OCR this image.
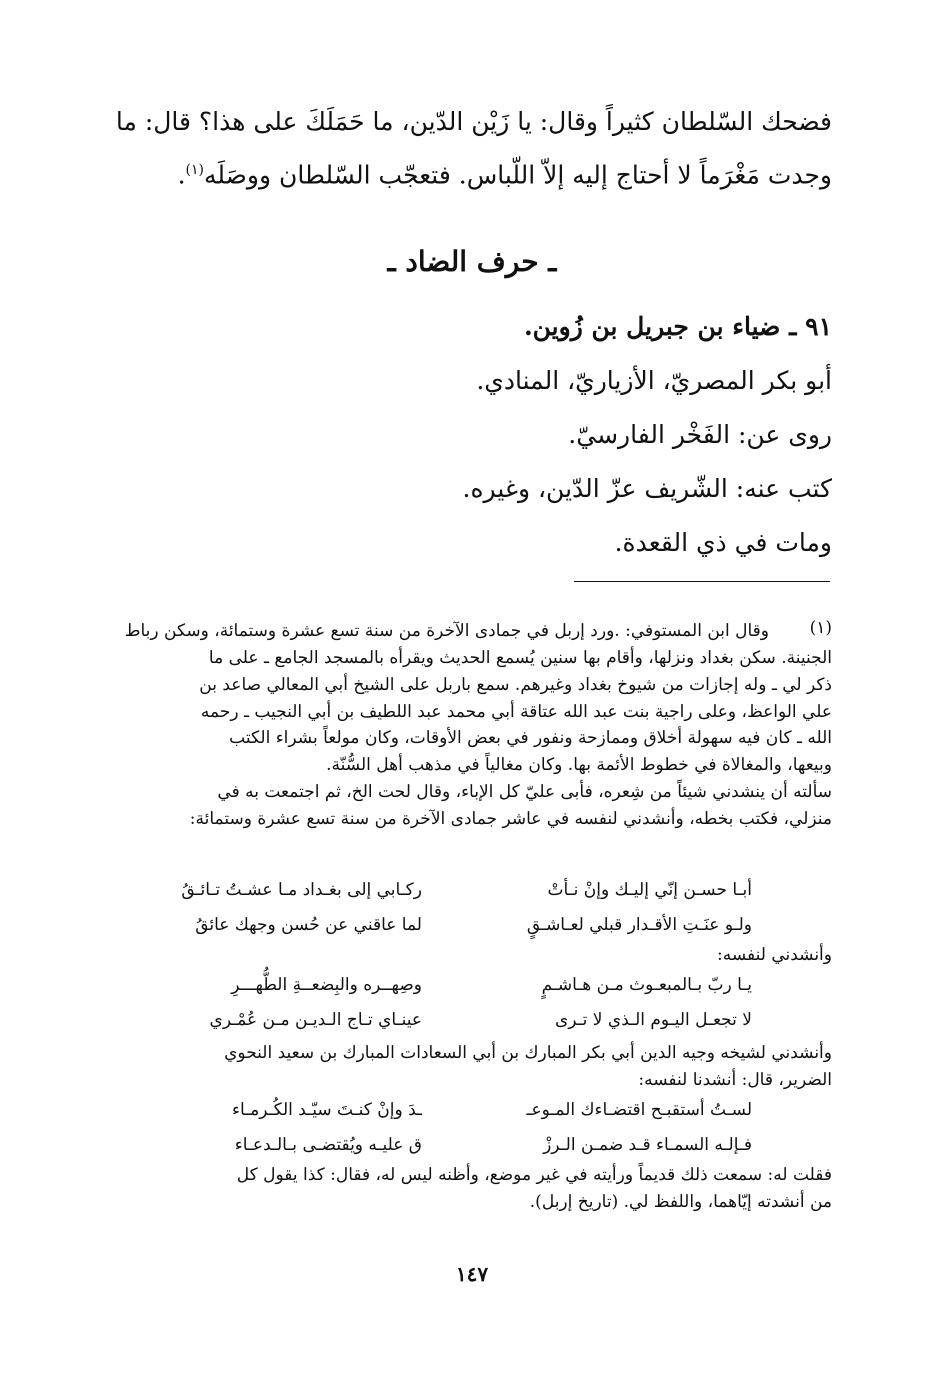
فضحك السّلطان كثيراً وقال: يا زَيْن الدّين، ما حَمَلَكَ على هذا؟ قال: ما
وجدت مَغْرَماً لا أحتاج إليه إلاّ اللّباس. فتعجّب السّلطان ووصَلَه$^{(١)}$.
ـ حرف الضاد ـ
٩١ ـ ضياء بن جبريل بن زُوين.
أبو بكر المصريّ، الأزياريّ، المنادي.
روى عن: الفَخْر الفارسيّ.
كتب عنه: الشّريف عزّ الدّين، وغيره.
ومات في ذي القعدة.
(١)
وقال ابن المستوفي: .ورد إربل في جمادى الآخرة من سنة تسع عشرة وستمائة، وسكن رباط
الجنينة. سكن بغداد ونزلها، وأقام بها سنين يُسمع الحديث ويقرأه بالمسجد الجامع ـ على ما
ذكر لي ـ وله إجازات من شيوخ بغداد وغيرهم. سمع باربل على الشيخ أبي المعالي صاعد بن
علي الواعظ، وعلى راجية بنت عبد الله عتاقة أبي محمد عبد اللطيف بن أبي النجيب ـ رحمه
الله ـ كان فيه سهولة أخلاق وممازحة ونفور في بعض الأوقات، وكان مولعاً بشراء الكتب
وبيعها، والمغالاة في خطوط الأئمة بها. وكان مغالياً في مذهب أهل السُّنّة.
سألته أن ينشدني شيئاً من شِعره، فأبى عليّ كل الإباء، وقال لحت الخ، ثم اجتمعت به في
منزلي، فكتب بخطه، وأنشدني لنفسه في عاشر جمادى الآخرة من سنة تسع عشرة وستمائة:
أبـا حسـن إنّي إليـك وإنْ نـأتْ
ركـابي إلى بغـداد مـا عشـتُ تـائـقُ
ولـو عنَـتِ الأقـدار قبلي لعـاشـقٍ
لما عاقني عن حُسن وجهك عائقُ
وأنشدني لنفسه:
يـا ربّ بـالمبعـوث مـن هـاشـمٍ
وصِهــره والبِضعــةِ الطُّهـــرِ
لا تجعـل اليـوم الـذي لا تـرى
عينـاي تـاج الـديـن مـن عُمْـري
وأنشدني لشيخه وجيه الدين أبي بكر المبارك بن أبي السعادات المبارك بن سعيد النحوي
الضرير، قال: أنشدنا لنفسه:
لسـتُ أستقبـح اقتضـاءك المـوعـ
ـدَ وإنْ كنـتَ سيّـد الكُـرمـاء
فـإلـه السمـاء قـد ضمـن الـرزْ
ق عليـه ويُقتضـى بـالـدعـاء
فقلت له: سمعت ذلك قديماً ورأيته في غير موضع، وأظنه ليس له، فقال: كذا يقول كل
من أنشدته إيّاهما، واللفظ لي. (تاريخ إربل).
١٤٧
